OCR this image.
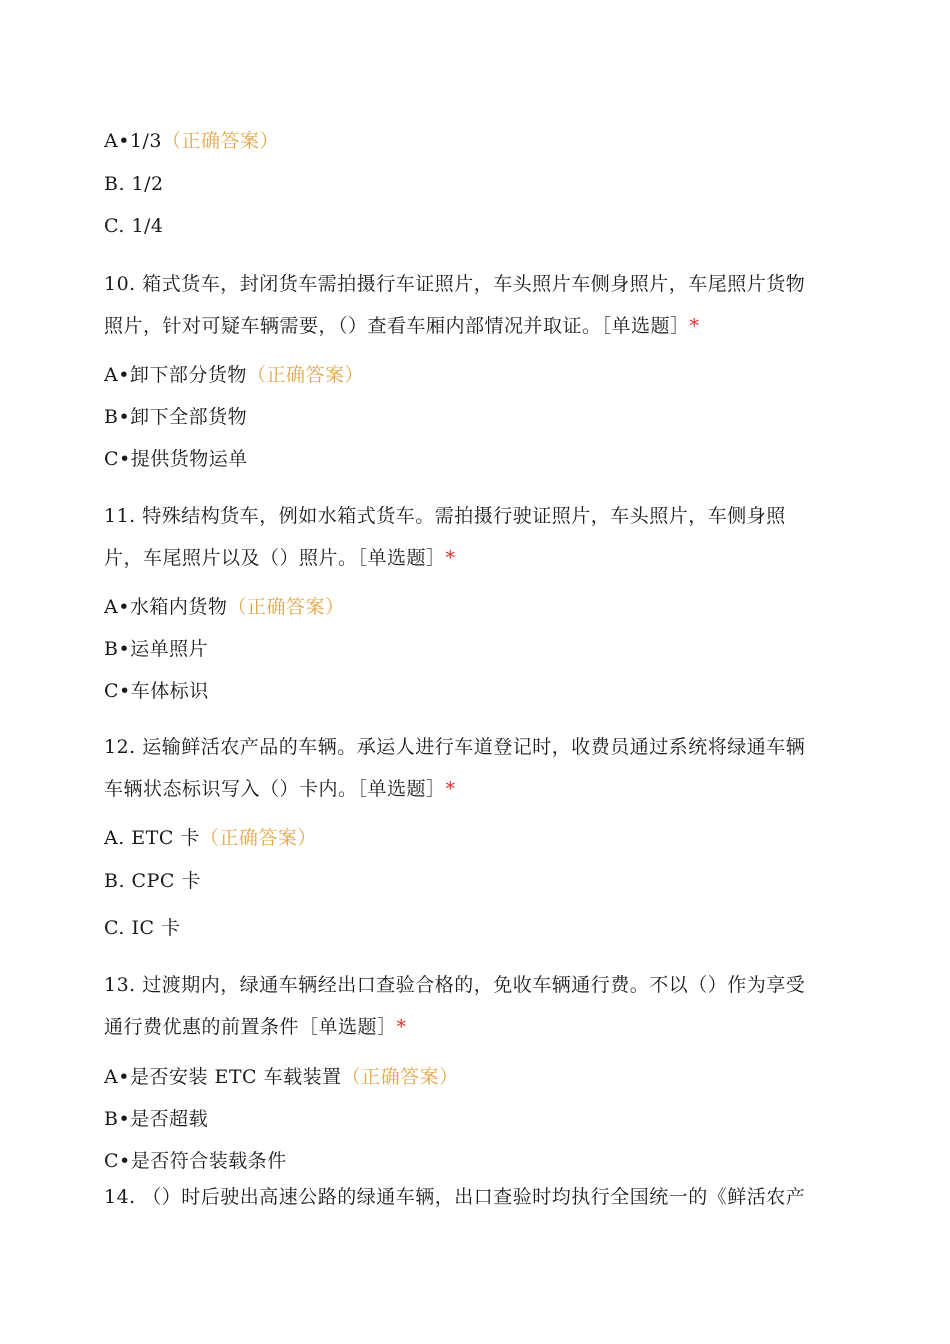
A•1/3（正确答案）
B. 1/2
C. 1/4
10. 箱式货车，封闭货车需拍摄行车证照片，车头照片车侧身照片，车尾照片货物
照片，针对可疑车辆需要，（）查看车厢内部情况并取证。［单选题］*
A•卸下部分货物（正确答案）
B•卸下全部货物
C•提供货物运单
11. 特殊结构货车，例如水箱式货车。需拍摄行驶证照片，车头照片，车侧身照
片，车尾照片以及（）照片。［单选题］*
A•水箱内货物（正确答案）
B•运单照片
C•车体标识
12. 运输鲜活农产品的车辆。承运人进行车道登记时，收费员通过系统将绿通车辆
车辆状态标识写入（）卡内。［单选题］*
A. ETC 卡（正确答案）
B. CPC 卡
C. IC 卡
13. 过渡期内，绿通车辆经出口查验合格的，免收车辆通行费。不以（）作为享受
通行费优惠的前置条件［单选题］*
A•是否安装 ETC 车载装置（正确答案）
B•是否超载
C•是否符合装载条件
14. （）时后驶出高速公路的绿通车辆，出口查验时均执行全国统一的《鲜活农产
